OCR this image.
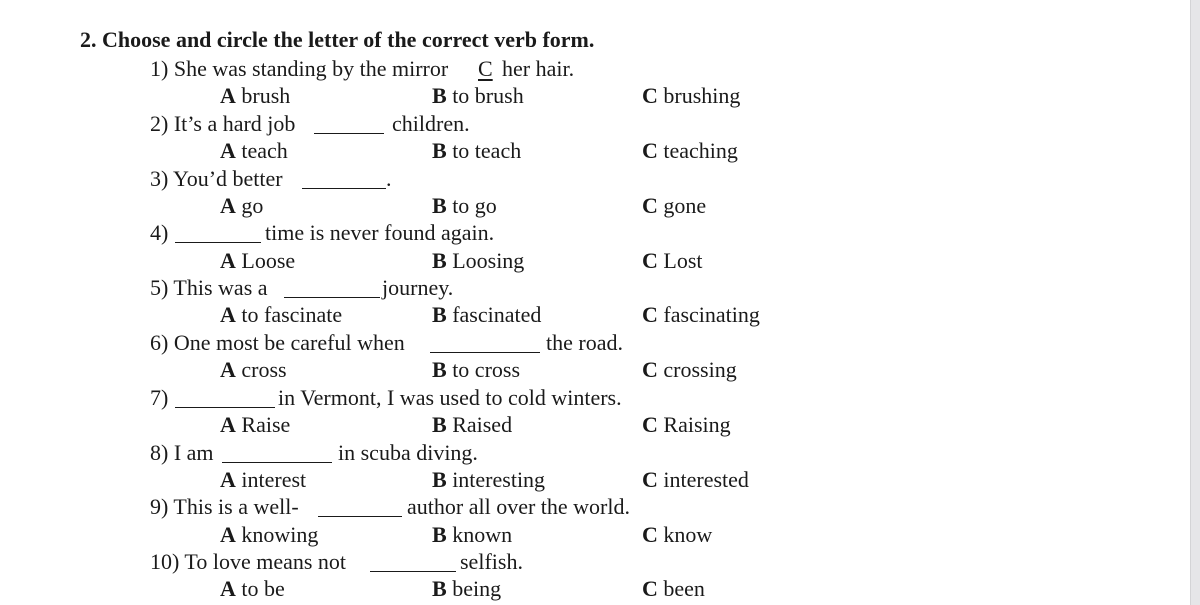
2. Choose and circle the letter of the correct verb form.
1) She was standing by the mirror C her hair.
A brush	B to brush	C brushing
2) It’s a hard job	children.
A teach	B to teach	C teaching
3) You’d better	.
A go	B to go	C gone
4)	time is never found again.
A Loose	B Loosing	C Lost
5) This was a	journey.
A to fascinate	B fascinated	C fascinating
6) One most be careful when	the road.
A cross	B to cross	C crossing
7)	in Vermont, I was used to cold winters.
A Raise	B Raised	C Raising
8) I am	in scuba diving.
A interest	B interesting	C interested
9) This is a well-	author all over the world.
A knowing	B known	C know
10) To love means not	selfish.
A to be	B being	C been
